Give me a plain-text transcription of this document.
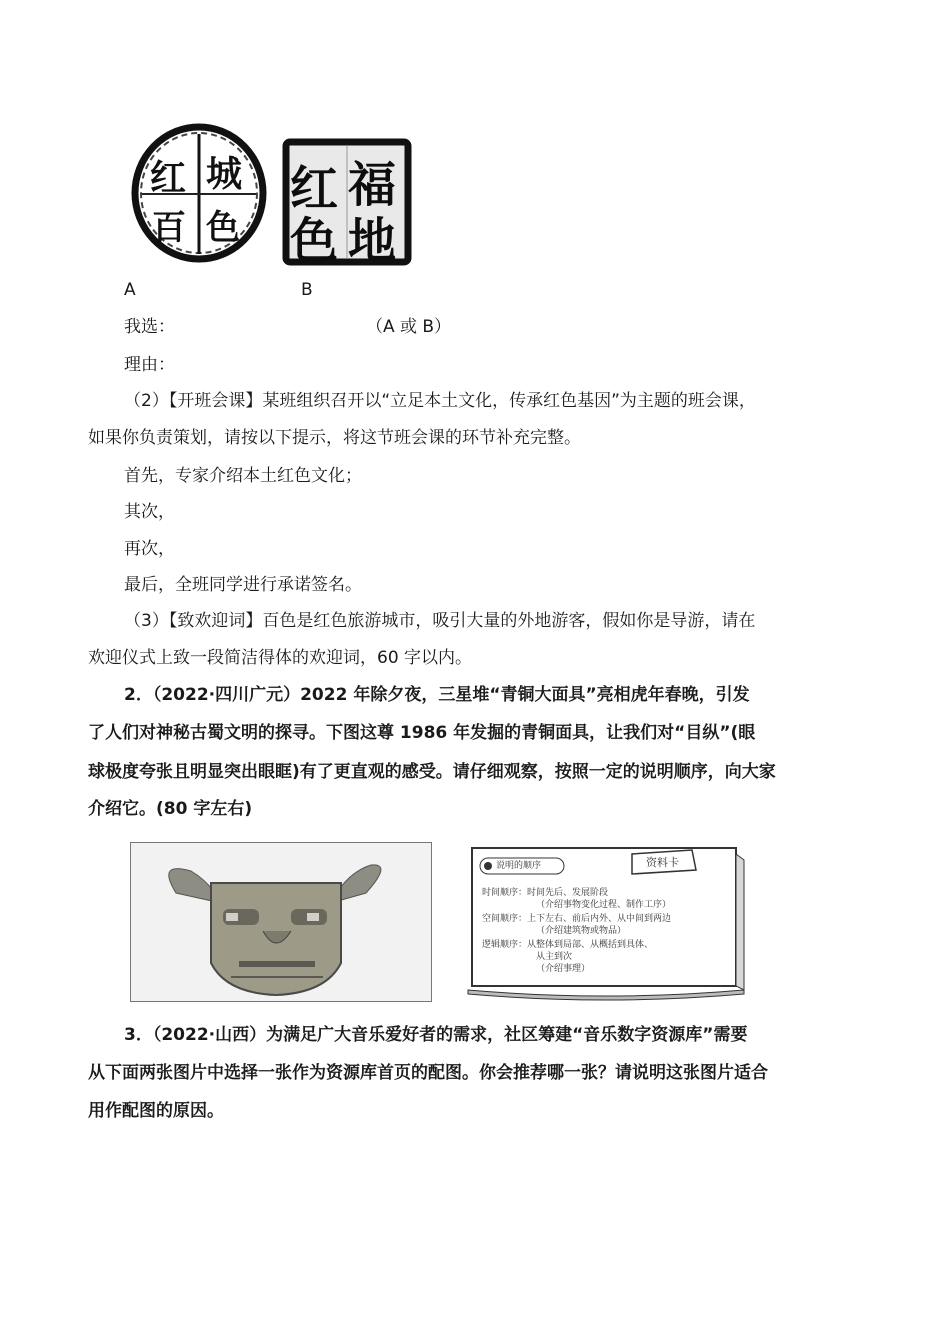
红 城
百 色
红 福
色 地
A	B
我选：	（A 或 B）
理由：
（2）【开班会课】某班组织召开以“立足本土文化，传承红色基因”为主题的班会课，
如果你负责策划，请按以下提示，将这节班会课的环节补充完整。
首先，专家介绍本土红色文化；
其次，
再次，
最后，全班同学进行承诺签名。
（3）【致欢迎词】百色是红色旅游城市，吸引大量的外地游客，假如你是导游，请在
欢迎仪式上致一段简洁得体的欢迎词，60 字以内。
2．（2022·四川广元）2022 年除夕夜，三星堆“青铜大面具”亮相虎年春晚，引发
了人们对神秘古蜀文明的探寻。下图这尊 1986 年发掘的青铜面具，让我们对“目纵”(眼
球极度夸张且明显突出眼眶)有了更直观的感受。请仔细观察，按照一定的说明顺序，向大家
介绍它。(80 字左右)
说明的顺序	资料卡
时间顺序：时间先后、发展阶段
（介绍事物变化过程、制作工序）
空间顺序：上下左右、前后内外、从中间到两边
（介绍建筑物或物品）
逻辑顺序：从整体到局部、从概括到具体、
从主到次
（介绍事理）
3．（2022·山西）为满足广大音乐爱好者的需求，社区筹建“音乐数字资源库”需要
从下面两张图片中选择一张作为资源库首页的配图。你会推荐哪一张？请说明这张图片适合
用作配图的原因。
